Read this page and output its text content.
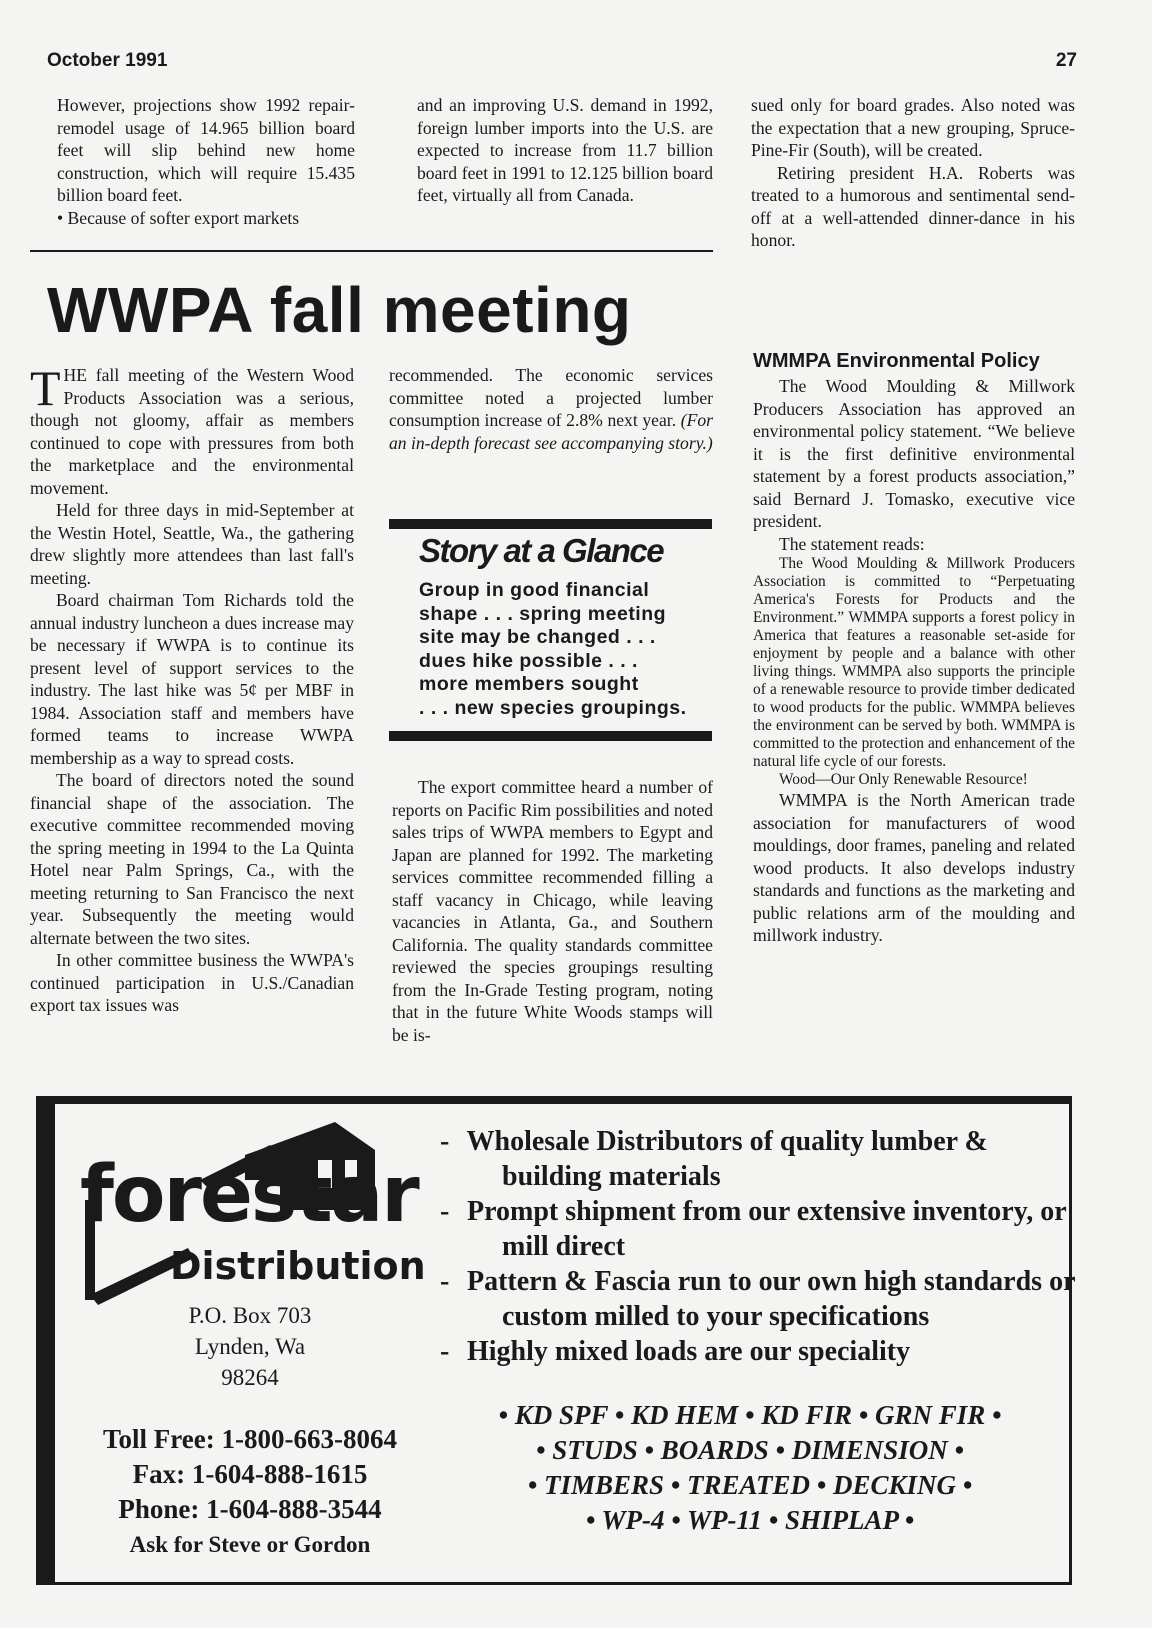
October 1991	27

However, projections show 1992 repair-remodel usage of 14.965 billion board feet will slip behind new home construction, which will require 15.435 billion board feet.

• Because of softer export markets

and an improving U.S. demand in 1992, foreign lumber imports into the U.S. are expected to increase from 11.7 billion board feet in 1991 to 12.125 billion board feet, virtually all from Canada.

sued only for board grades. Also noted was the expectation that a new grouping, Spruce-Pine-Fir (South), will be created.

Retiring president H.A. Roberts was treated to a humorous and sentimental send-off at a well-attended dinner-dance in his honor.

WWPA fall meeting

THE fall meeting of the Western Wood Products Association was a serious, though not gloomy, affair as members continued to cope with pressures from both the marketplace and the environmental movement.

Held for three days in mid-September at the Westin Hotel, Seattle, Wa., the gathering drew slightly more attendees than last fall's meeting.

Board chairman Tom Richards told the annual industry luncheon a dues increase may be necessary if WWPA is to continue its present level of support services to the industry. The last hike was 5¢ per MBF in 1984. Association staff and members have formed teams to increase WWPA membership as a way to spread costs.

The board of directors noted the sound financial shape of the association. The executive committee recommended moving the spring meeting in 1994 to the La Quinta Hotel near Palm Springs, Ca., with the meeting returning to San Francisco the next year. Subsequently the meeting would alternate between the two sites.

In other committee business the WWPA's continued participation in U.S./Canadian export tax issues was

recommended. The economic services committee noted a projected lumber consumption increase of 2.8% next year. (For an in-depth forecast see accompanying story.)

Story at a Glance
Group in good financial
shape . . . spring meeting
site may be changed . . .
dues hike possible . . .
more members sought
. . . new species groupings.

The export committee heard a number of reports on Pacific Rim possibilities and noted sales trips of WWPA members to Egypt and Japan are planned for 1992. The marketing services committee recommended filling a staff vacancy in Chicago, while leaving vacancies in Atlanta, Ga., and Southern California. The quality standards committee reviewed the species groupings resulting from the In-Grade Testing program, noting that in the future White Woods stamps will be is-

WMMPA Environmental Policy

The Wood Moulding & Millwork Producers Association has approved an environmental policy statement. “We believe it is the first definitive environmental statement by a forest products association,” said Bernard J. Tomasko, executive vice president.

The statement reads:

The Wood Moulding & Millwork Producers Association is committed to “Perpetuating America's Forests for Products and the Environment.” WMMPA supports a forest policy in America that features a reasonable set-aside for enjoyment by people and a balance with other living things. WMMPA also supports the principle of a renewable resource to provide timber dedicated to wood products for the public. WMMPA believes the environment can be served by both. WMMPA is committed to the protection and enhancement of the natural life cycle of our forests.

Wood—Our Only Renewable Resource!

WMMPA is the North American trade association for manufacturers of wood mouldings, door frames, paneling and related wood products. It also develops industry standards and functions as the marketing and public relations arm of the moulding and millwork industry.

forestar
Distribution
P.O. Box 703
Lynden, Wa
98264
Toll Free: 1-800-663-8064
Fax: 1-604-888-1615
Phone: 1-604-888-3544
Ask for Steve or Gordon
- Wholesale Distributors of quality lumber & building materials
- Prompt shipment from our extensive inventory, or mill direct
- Pattern & Fascia run to our own high standards or custom milled to your specifications
- Highly mixed loads are our speciality
• KD SPF • KD HEM • KD FIR • GRN FIR •
• STUDS • BOARDS • DIMENSION •
• TIMBERS • TREATED • DECKING •
• WP-4 • WP-11 • SHIPLAP •
